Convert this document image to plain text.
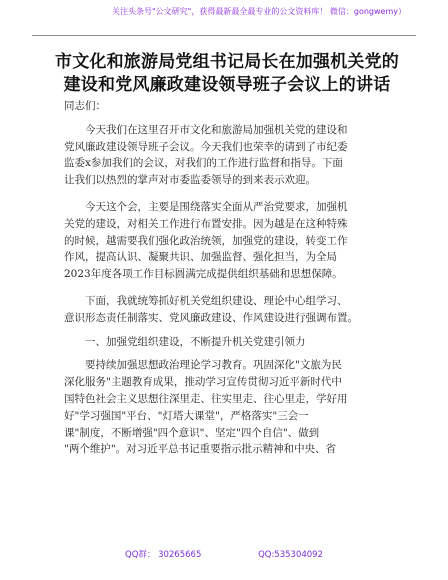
关注头条号"公文研究"，获得最新最全最专业的公文资料库！ 微信：gongwemy）
市文化和旅游局党组书记局长在加强机关党的
建设和党风廉政建设领导班子会议上的讲话
同志们：
今天我们在这里召开市文化和旅游局加强机关党的建设和
党风廉政建设领导班子会议。今天我们也荣幸的请到了市纪委
监委x参加我们的会议，对我们的工作进行监督和指导。下面
让我们以热烈的掌声对市委监委领导的到来表示欢迎。
今天这个会，主要是围绕落实全面从严治党要求，加强机
关党的建设，对相关工作进行布置安排。因为越是在这种特殊
的时候，越需要我们强化政治统领，加强党的建设，转变工作
作风，提高认识、凝聚共识、加强监督、强化担当，为全局
2023年度各项工作目标圆满完成提供组织基础和思想保障。
下面，我就统筹抓好机关党组织建设、理论中心组学习、
意识形态责任制落实、党风廉政建设、作风建设进行强调布置。
一、加强党组织建设，不断提升机关党建引领力
要持续加强思想政治理论学习教育。巩固深化"文旅为民
深化服务"主题教育成果，推动学习宣传贯彻习近平新时代中
国特色社会主义思想往深里走、往实里走、往心里走，学好用
好"学习强国"平台、"灯塔大课堂"，严格落实"三会一
课"制度，不断增强"四个意识"、坚定"四个自信"、做到
"两个维护"。对习近平总书记重要指示批示精神和中央、省
QQ群： 30265665	QQ:535304092
